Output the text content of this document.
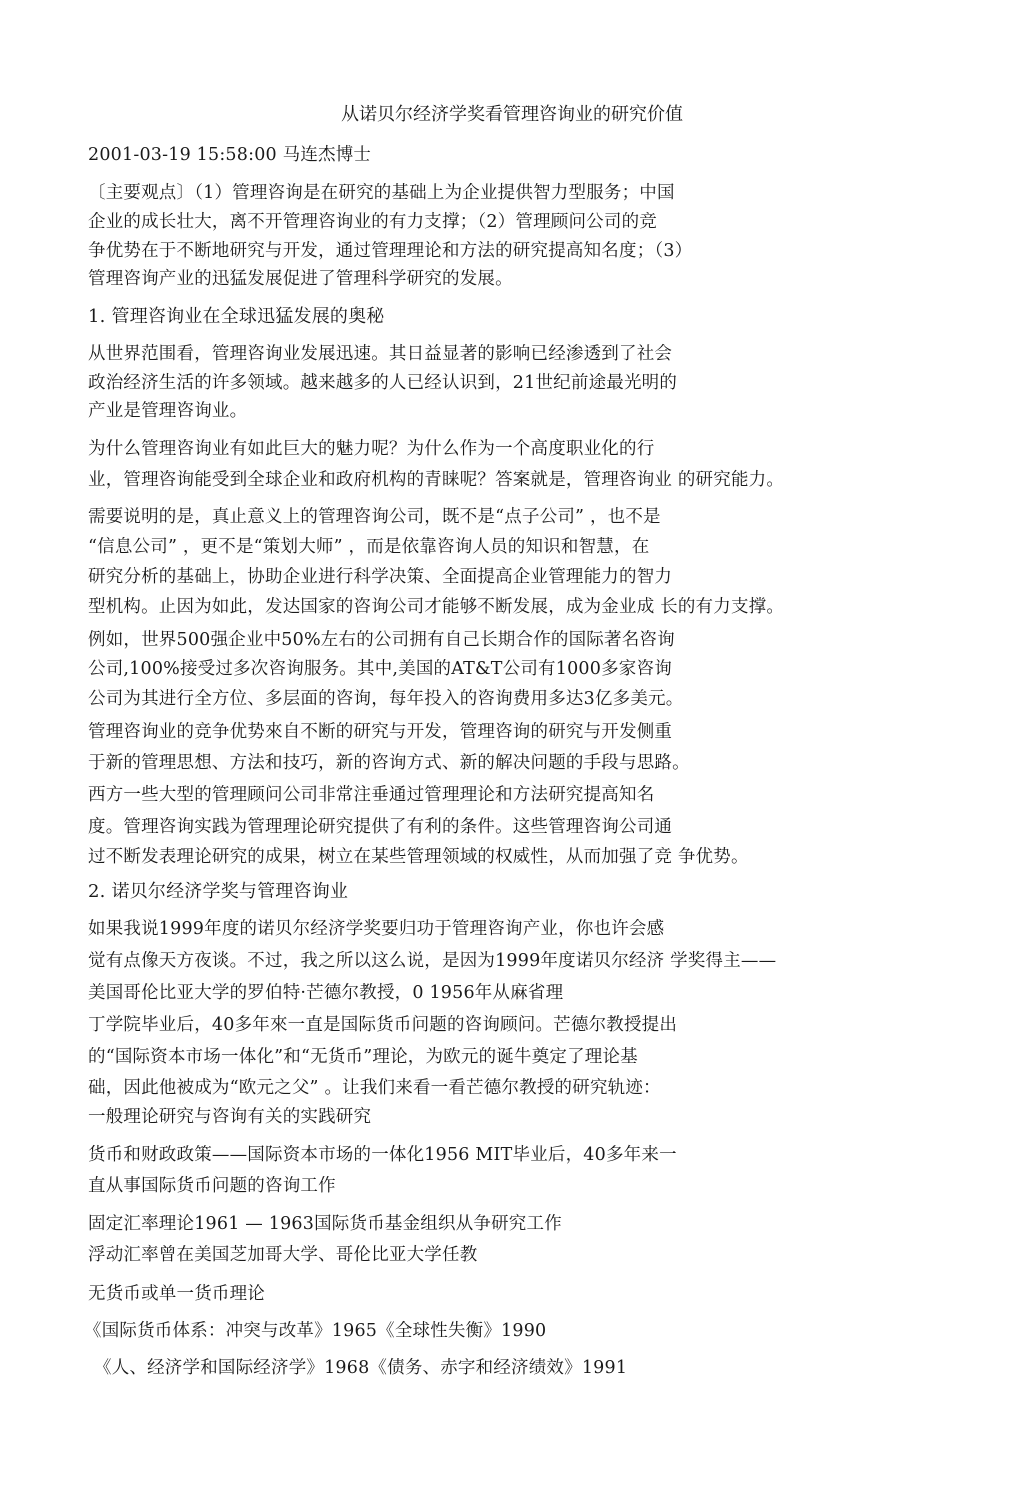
从诺贝尔经济学奖看管理咨询业的研究价值
2001-03-19 15:58:00 马连杰博士
〔主要观点〕（1）管理咨询是在研究的基础上为企业提供智力型服务；中国
企业的成长壮大，离不开管理咨询业的有力支撑；（2）管理顾问公司的竞
争优势在于不断地研究与开发，通过管理理论和方法的研究提高知名度；（3）
管理咨询产业的迅猛发展促进了管理科学研究的发展。
1. 管理咨询业在全球迅猛发展的奥秘
从世界范围看，管理咨询业发展迅速。其日益显著的影响已经渗透到了社会
政治经济生活的许多领域。越来越多的人已经认识到，21世纪前途最光明的
产业是管理咨询业。
为什么管理咨询业有如此巨大的魅力呢？为什么作为一个高度职业化的行
业，管理咨询能受到全球企业和政府机构的青睐呢？答案就是，管理咨询业 的研究能力。
需要说明的是，真止意义上的管理咨询公司，既不是“点子公司” ，也不是
“信息公司” ，更不是“策划大师” ，而是依靠咨询人员的知识和智慧，在
研究分析的基础上，协助企业进行科学决策、全面提高企业管理能力的智力
型机构。止因为如此，发达国家的咨询公司才能够不断发展，成为金业成 长的有力支撑。
例如，世界500强企业中50%左右的公司拥有自己长期合作的国际著名咨询
公司,100%接受过多次咨询服务。其中,美国的AT&T公司有1000多家咨询
公司为其进行全方位、多层面的咨询，每年投入的咨询费用多达3亿多美元。
管理咨询业的竞争优势來自不断的研究与开发，管理咨询的研究与开发侧重
于新的管理思想、方法和技巧，新的咨询方式、新的解决问题的手段与思路。
西方一些大型的管理顾问公司非常注垂通过管理理论和方法研究提高知名
度。管理咨询实践为管理理论研究提供了有利的条件。这些管理咨询公司通
过不断发表理论研究的成果，树立在某些管理领域的权威性，从而加强了竞 争优势。
2. 诺贝尔经济学奖与管理咨询业
如果我说1999年度的诺贝尔经济学奖要归功于管理咨询产业，你也许会感
觉有点像天方夜谈。不过，我之所以这么说，是因为1999年度诺贝尔经济 学奖得主——
美国哥伦比亚大学的罗伯特·芒德尔教授，0 1956年从麻省理
丁学院毕业后，40多年來一直是国际货币问题的咨询顾问。芒德尔教授提出
的“国际资本市场一体化”和“无货币”理论，为欧元的诞牛奠定了理论基
础，因此他被成为“欧元之父” 。让我们来看一看芒德尔教授的研究轨迹：
一般理论研究与咨询有关的实践研究
货币和财政政策——国际资本市场的一体化1956 MIT毕业后，40多年来一
直从事国际货币问题的咨询工作
固定汇率理论1961 — 1963国际货币基金组织从争研究工作
浮动汇率曾在美国芝加哥大学、哥伦比亚大学任教
无货币或单一货币理论
《国际货币体系：冲突与改革》1965《全球性失衡》1990
《人、经济学和国际经济学》1968《债务、赤字和经济绩效》1991
